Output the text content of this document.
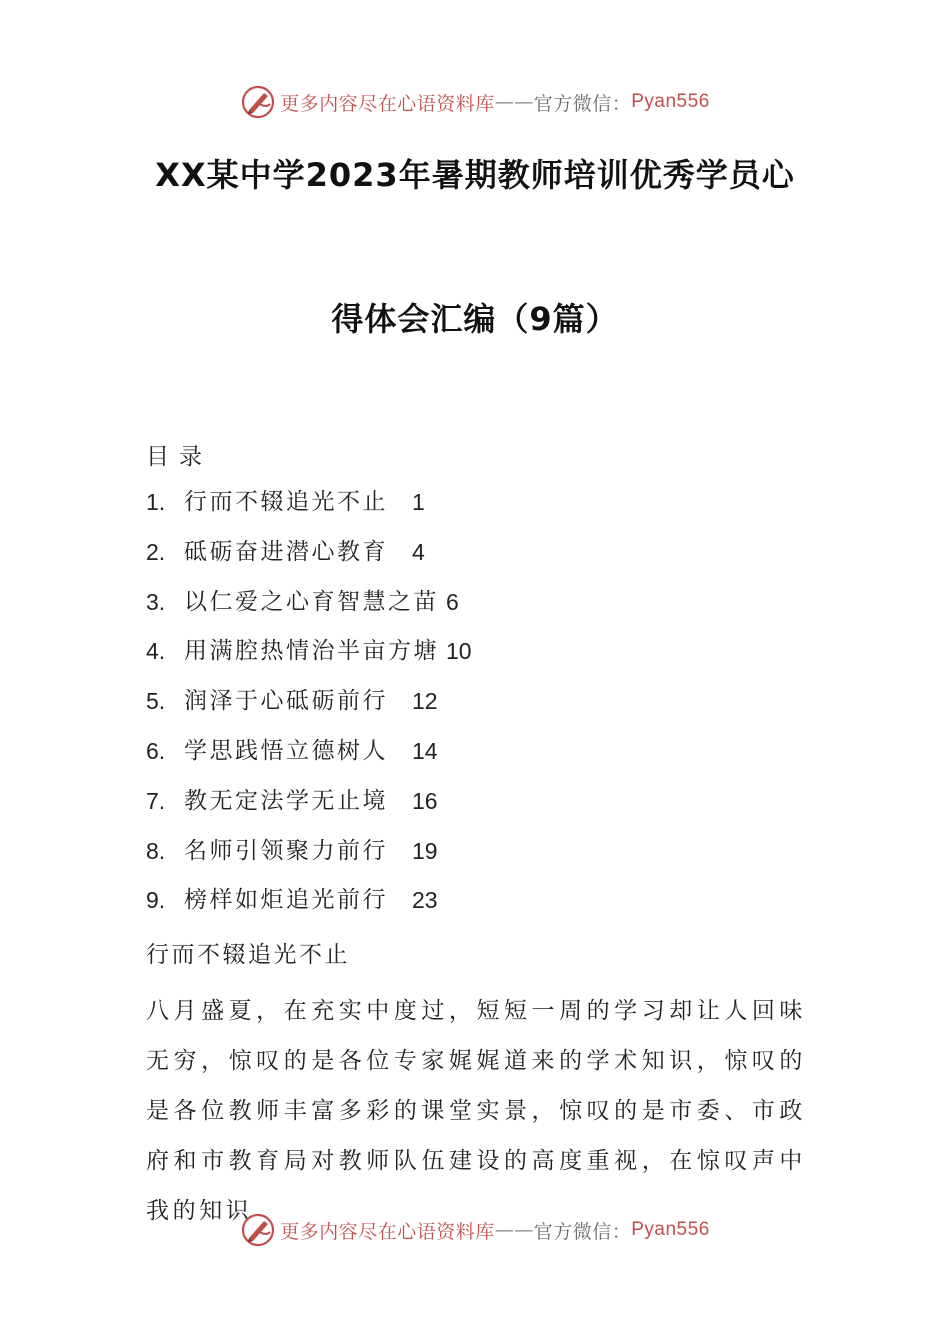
更多内容尽在心语资料库 —— 官方微信： Pyan556
XX某中学2023年暑期教师培训优秀学员心
得体会汇编（9篇）
目录
1. 行而不辍追光不止 1
2. 砥砺奋进潜心教育 4
3. 以仁爱之心育智慧之苗 6
4. 用满腔热情治半亩方塘 10
5. 润泽于心砥砺前行 12
6. 学思践悟立德树人 14
7. 教无定法学无止境 16
8. 名师引领聚力前行 19
9. 榜样如炬追光前行 23
行而不辍追光不止
八月盛夏，在充实中度过，短短一周的学习却让人回味无穷，惊叹的是各位专家娓娓道来的学术知识，惊叹的是各位教师丰富多彩的课堂实景，惊叹的是市委、市政府和市教育局对教师队伍建设的高度重视，在惊叹声中我的知识
更多内容尽在心语资料库 —— 官方微信： Pyan556
